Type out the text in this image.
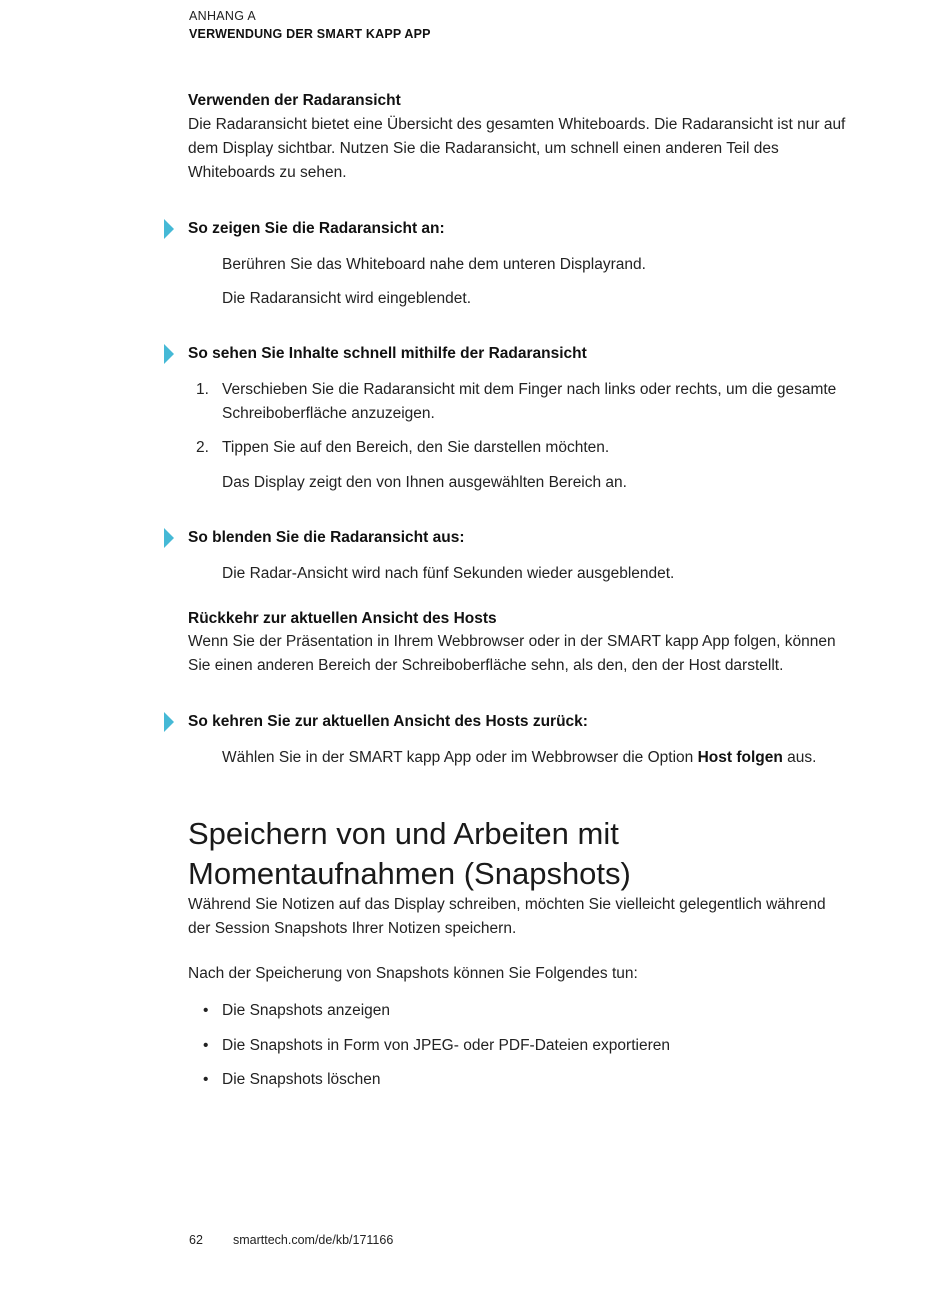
ANHANG A
VERWENDUNG DER SMART KAPP APP
Verwenden der Radaransicht
Die Radaransicht bietet eine Übersicht des gesamten Whiteboards. Die Radaransicht ist nur auf
dem Display sichtbar. Nutzen Sie die Radaransicht, um schnell einen anderen Teil des
Whiteboards zu sehen.
So zeigen Sie die Radaransicht an:
Berühren Sie das Whiteboard nahe dem unteren Displayrand.
Die Radaransicht wird eingeblendet.
So sehen Sie Inhalte schnell mithilfe der Radaransicht
1. Verschieben Sie die Radaransicht mit dem Finger nach links oder rechts, um die gesamte
Schreiboberfläche anzuzeigen.
2. Tippen Sie auf den Bereich, den Sie darstellen möchten.
Das Display zeigt den von Ihnen ausgewählten Bereich an.
So blenden Sie die Radaransicht aus:
Die Radar-Ansicht wird nach fünf Sekunden wieder ausgeblendet.
Rückkehr zur aktuellen Ansicht des Hosts
Wenn Sie der Präsentation in Ihrem Webbrowser oder in der SMART kapp App folgen, können
Sie einen anderen Bereich der Schreiboberfläche sehn, als den, den der Host darstellt.
So kehren Sie zur aktuellen Ansicht des Hosts zurück:
Wählen Sie in der SMART kapp App oder im Webbrowser die Option Host folgen aus.
Speichern von und Arbeiten mit
Momentaufnahmen (Snapshots)
Während Sie Notizen auf das Display schreiben, möchten Sie vielleicht gelegentlich während
der Session Snapshots Ihrer Notizen speichern.
Nach der Speicherung von Snapshots können Sie Folgendes tun:
• Die Snapshots anzeigen
• Die Snapshots in Form von JPEG- oder PDF-Dateien exportieren
• Die Snapshots löschen
62 smarttech.com/de/kb/171166
